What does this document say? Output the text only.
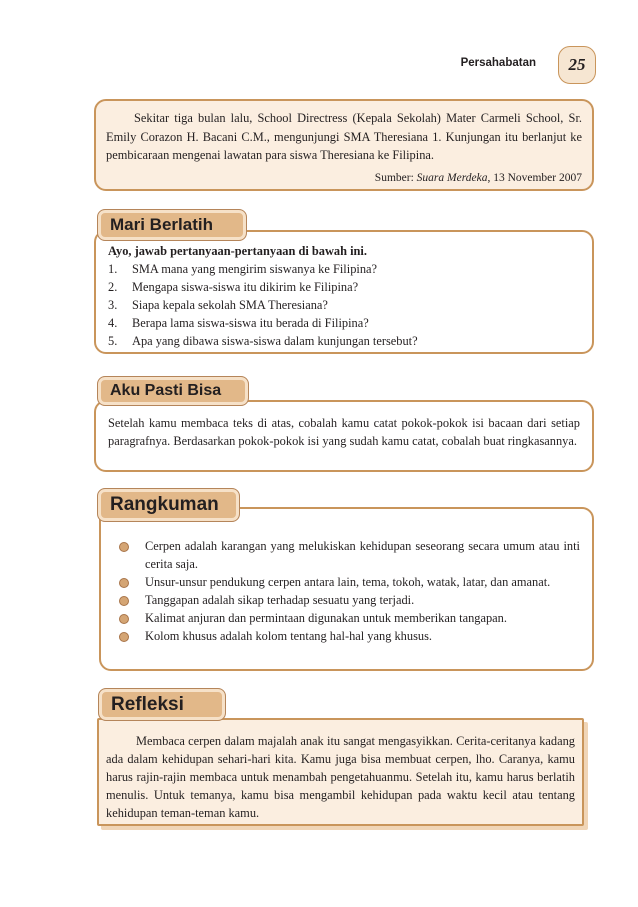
Persahabatan	25
Sekitar tiga bulan lalu, School Directress (Kepala Sekolah) Mater Carmeli School, Sr. Emily Corazon H. Bacani C.M., mengunjungi SMA Theresiana 1. Kunjungan itu berlanjut ke pembicaraan mengenai lawatan para siswa Theresiana ke Filipina.
Sumber: Suara Merdeka, 13 November 2007
Ayo, jawab pertanyaan-pertanyaan di bawah ini.
1.	SMA mana yang mengirim siswanya ke Filipina?
2.	Mengapa siswa-siswa itu dikirim ke Filipina?
3.	Siapa kepala sekolah SMA Theresiana?
4.	Berapa lama siswa-siswa itu berada di Filipina?
5.	Apa yang dibawa siswa-siswa dalam kunjungan tersebut?
Mari Berlatih
Setelah kamu membaca teks di atas, cobalah kamu catat pokok-pokok isi bacaan dari setiap paragrafnya. Berdasarkan pokok-pokok isi yang sudah kamu catat, cobalah buat ringkasannya.
Aku Pasti Bisa
Cerpen adalah karangan yang melukiskan kehidupan seseorang secara umum atau inti cerita saja.
Unsur-unsur pendukung cerpen antara lain, tema, tokoh, watak, latar, dan amanat.
Tanggapan adalah sikap terhadap sesuatu yang terjadi.
Kalimat anjuran dan permintaan digunakan untuk memberikan tangapan.
Kolom khusus adalah kolom tentang hal-hal yang khusus.
Rangkuman
Membaca cerpen dalam majalah anak itu sangat mengasyikkan. Cerita-ceritanya kadang ada dalam kehidupan sehari-hari kita. Kamu juga bisa membuat cerpen, lho. Caranya, kamu harus rajin-rajin membaca untuk menambah pengetahuanmu. Setelah itu, kamu harus berlatih menulis. Untuk temanya, kamu bisa mengambil kehidupan pada waktu kecil atau tentang kehidupan teman-teman kamu.
Refleksi
